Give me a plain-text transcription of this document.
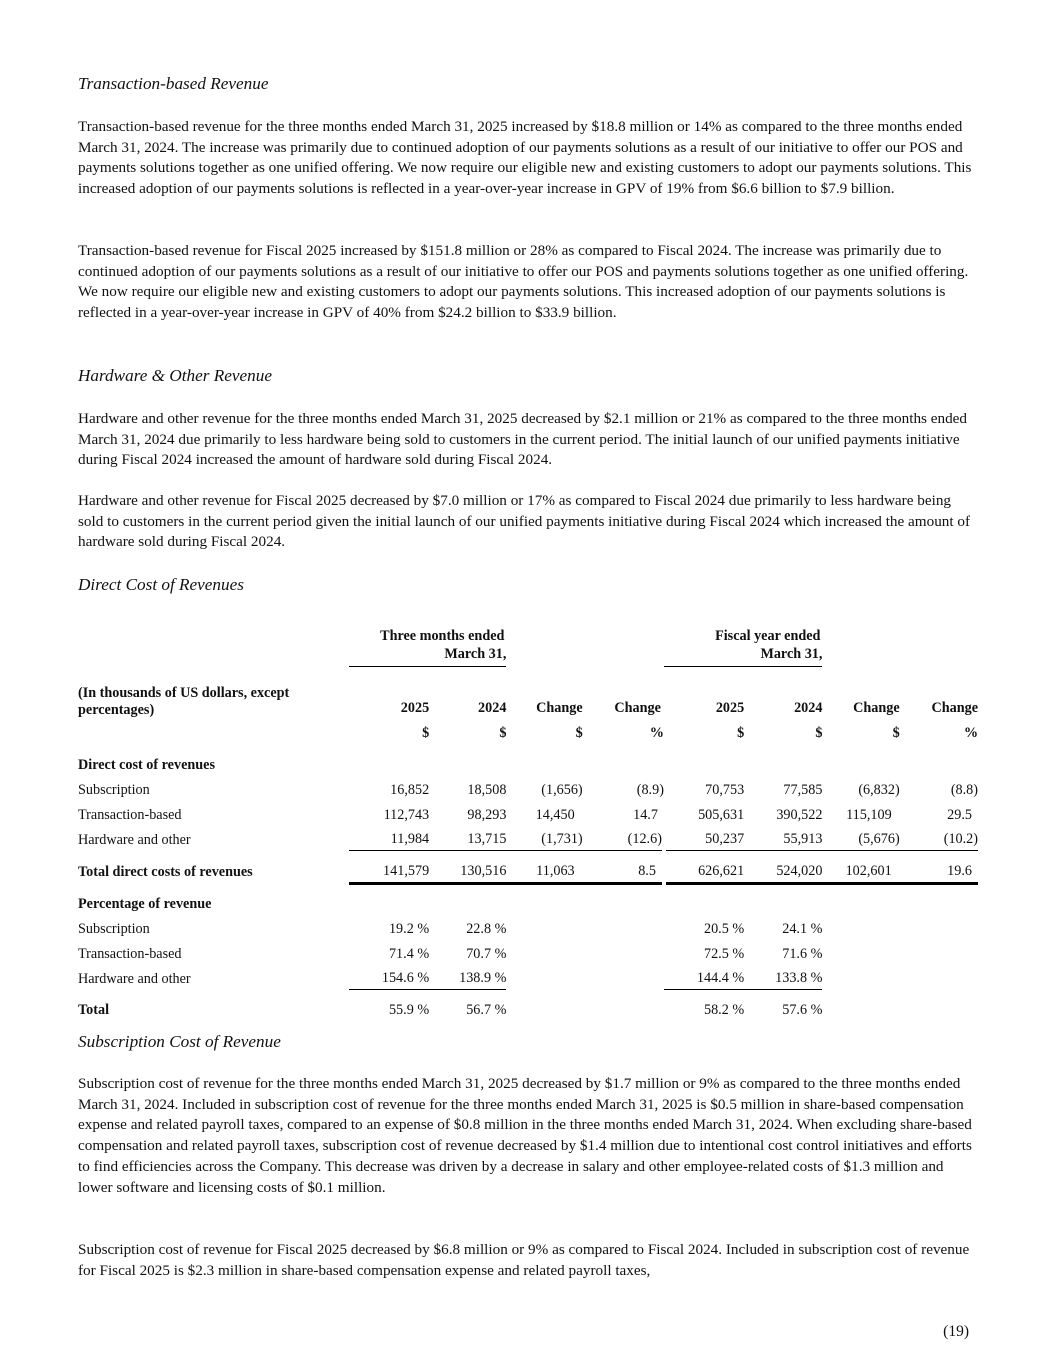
Transaction-based Revenue

Transaction-based revenue for the three months ended March 31, 2025 increased by $18.8 million or 14% as compared to the three months ended March 31, 2024. The increase was primarily due to continued adoption of our payments solutions as a result of our initiative to offer our POS and payments solutions together as one unified offering. We now require our eligible new and existing customers to adopt our payments solutions. This increased adoption of our payments solutions is reflected in a year-over-year increase in GPV of 19% from $6.6 billion to $7.9 billion.

Transaction-based revenue for Fiscal 2025 increased by $151.8 million or 28% as compared to Fiscal 2024. The increase was primarily due to continued adoption of our payments solutions as a result of our initiative to offer our POS and payments solutions together as one unified offering. We now require our eligible new and existing customers to adopt our payments solutions. This increased adoption of our payments solutions is reflected in a year-over-year increase in GPV of 40% from $24.2 billion to $33.9 billion.

Hardware & Other Revenue

Hardware and other revenue for the three months ended March 31, 2025 decreased by $2.1 million or 21% as compared to the three months ended March 31, 2024 due primarily to less hardware being sold to customers in the current period. The initial launch of our unified payments initiative during Fiscal 2024 increased the amount of hardware sold during Fiscal 2024.

Hardware and other revenue for Fiscal 2025 decreased by $7.0 million or 17% as compared to Fiscal 2024 due primarily to less hardware being sold to customers in the current period given the initial launch of our unified payments initiative during Fiscal 2024 which increased the amount of hardware sold during Fiscal 2024.

Direct Cost of Revenues

	Three months ended				Fiscal year ended			

	March 31,				March 31,			

(In thousands of US dollars, except
percentages)	2025	2024	Change	Change	2025	2024	Change	Change
	$	$	$	%	$	$	$	%

Direct cost of revenues								
Subscription	16,852	18,508	(1,656)	(8.9)	70,753	77,585	(6,832)	(8.8)
Transaction-based	112,743	98,293	14,450	14.7	505,631	390,522	115,109	29.5
Hardware and other	11,984	13,715	(1,731)	(12.6)	50,237	55,913	(5,676)	(10.2)

Total direct costs of revenues	141,579	130,516	11,063	8.5	626,621	524,020	102,601	19.6

Percentage of revenue								
Subscription	19.2 %	22.8 %			20.5 %	24.1 %		
Transaction-based	71.4 %	70.7 %			72.5 %	71.6 %		
Hardware and other	154.6 %	138.9 %			144.4 %	133.8 %		

Total	55.9 %	56.7 %			58.2 %	57.6 %		
Subscription Cost of Revenue

Subscription cost of revenue for the three months ended March 31, 2025 decreased by $1.7 million or 9% as compared to the three months ended March 31, 2024. Included in subscription cost of revenue for the three months ended March 31, 2025 is $0.5 million in share-based compensation expense and related payroll taxes, compared to an expense of $0.8 million in the three months ended March 31, 2024. When excluding share-based compensation and related payroll taxes, subscription cost of revenue decreased by $1.4 million due to intentional cost control initiatives and efforts to find efficiencies across the Company. This decrease was driven by a decrease in salary and other employee-related costs of $1.3 million and lower software and licensing costs of $0.1 million.

Subscription cost of revenue for Fiscal 2025 decreased by $6.8 million or 9% as compared to Fiscal 2024. Included in subscription cost of revenue for Fiscal 2025 is $2.3 million in share-based compensation expense and related payroll taxes,

(19)
